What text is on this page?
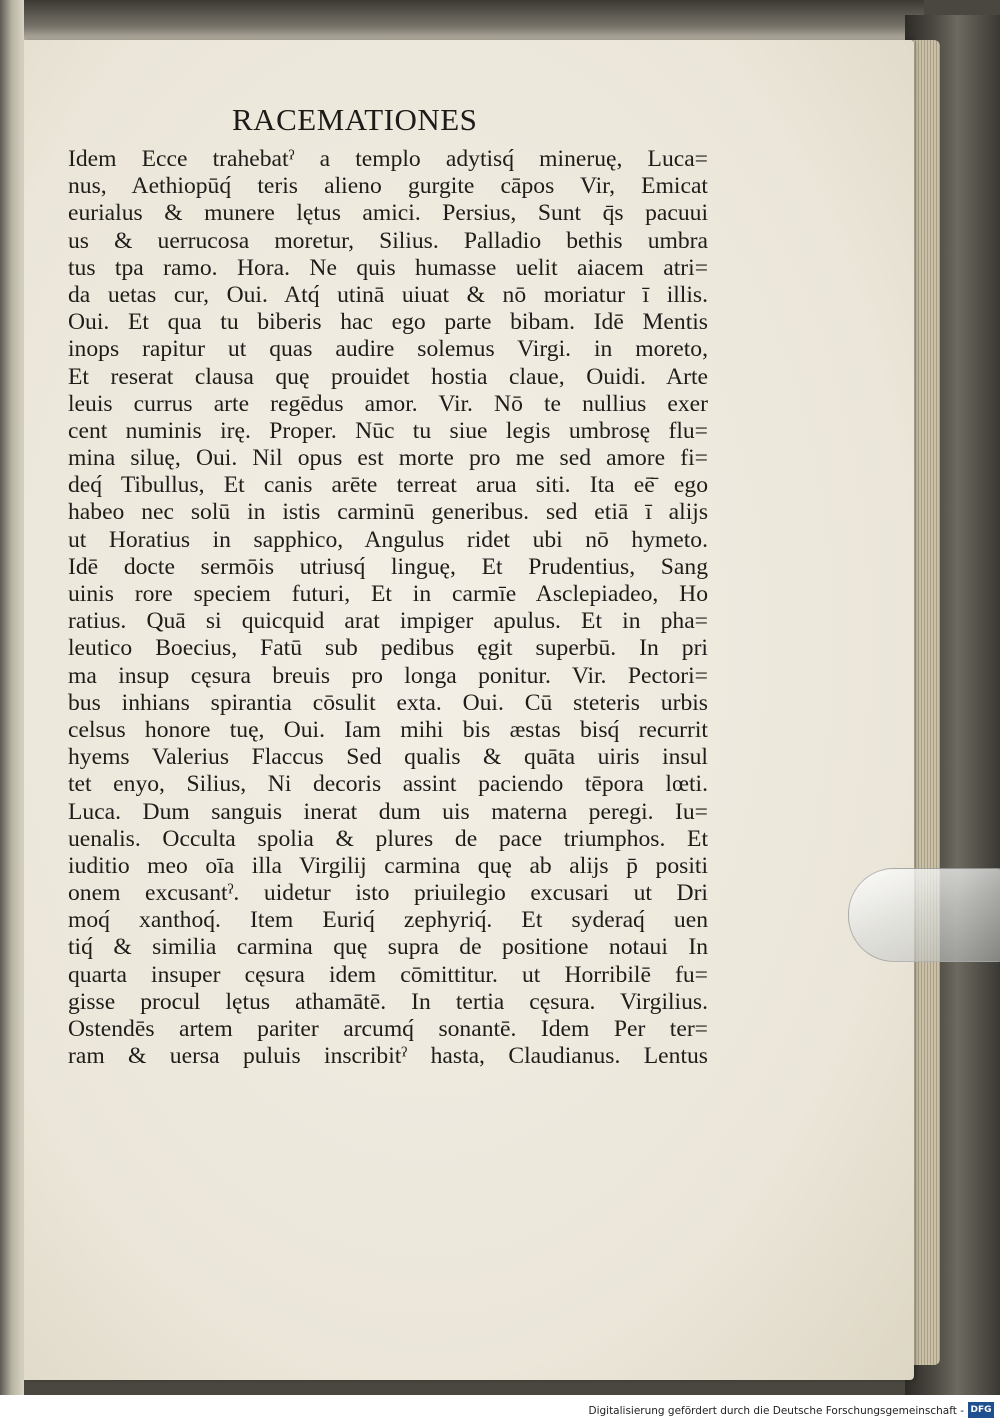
RACEMATIONES
Idem Ecce trahebatˀ a templo adytisq́ mineruę, Luca=
nus, Aethiopūq́ teris alieno gurgite cāpos Vir, Emicat
eurialus & munere lętus amici. Persius, Sunt q̄s pacuui
us & uerrucosa moretur, Silius. Palladio bethis umbra
tus tpa ramo. Hora. Ne quis humasse uelit aiacem atri=
da uetas cur, Oui. Atq́ utinā uiuat & nō moriatur ī illis.
Oui. Et qua tu biberis hac ego parte bibam. Idē Mentis
inops rapitur ut quas audire solemus Virgi. in moreto,
Et reserat clausa quę prouidet hostia claue, Ouidi. Arte
leuis currus arte regēdus amor. Vir. Nō te nullius exer
cent numinis irę. Proper. Nūc tu siue legis umbrosę flu=
mina siluę, Oui. Nil opus est morte pro me sed amore fi=
deq́ Tibullus, Et canis arēte terreat arua siti. Ita eē̄ ego
habeo nec solū in istis carminū generibus. sed etiā ī alijs
ut Horatius in sapphico, Angulus ridet ubi nō hymeto.
Idē docte sermōis utriusq́ linguę, Et Prudentius, Sang
uinis rore speciem futuri, Et in carmīe Asclepiadeo, Ho
ratius. Quā si quicquid arat impiger apulus. Et in pha=
leutico Boecius, Fatū sub pedibus ęgit superbū. In pri
ma insup cęsura breuis pro longa ponitur. Vir. Pectori=
bus inhians spirantia cōsulit exta. Oui. Cū steteris urbis
celsus honore tuę, Oui. Iam mihi bis æstas bisq́ recurrit
hyems Valerius Flaccus Sed qualis & quāta uiris insul
tet enyo, Silius, Ni decoris assint paciendo tēpora lœti.
Luca. Dum sanguis inerat dum uis materna peregi. Iu=
uenalis. Occulta spolia & plures de pace triumphos. Et
iuditio meo oīa illa Virgilij carmina quę ab alijs p̄ positi
onem excusantˀ. uidetur isto priuilegio excusari ut Dri
moq́ xanthoq́. Item Euriq́ zephyriq́. Et syderaq́ uen
tiq́ & similia carmina quę supra de positione notaui In
quarta insuper cęsura idem cōmittitur. ut Horribilē fu=
gisse procul lętus athamātē. In tertia cęsura. Virgilius.
Ostendēs artem pariter arcumq́ sonantē. Idem Per ter=
ram & uersa puluis inscribitˀ hasta, Claudianus. Lentus
Digitalisierung gefördert durch die Deutsche Forschungsgemeinschaft - DFG
